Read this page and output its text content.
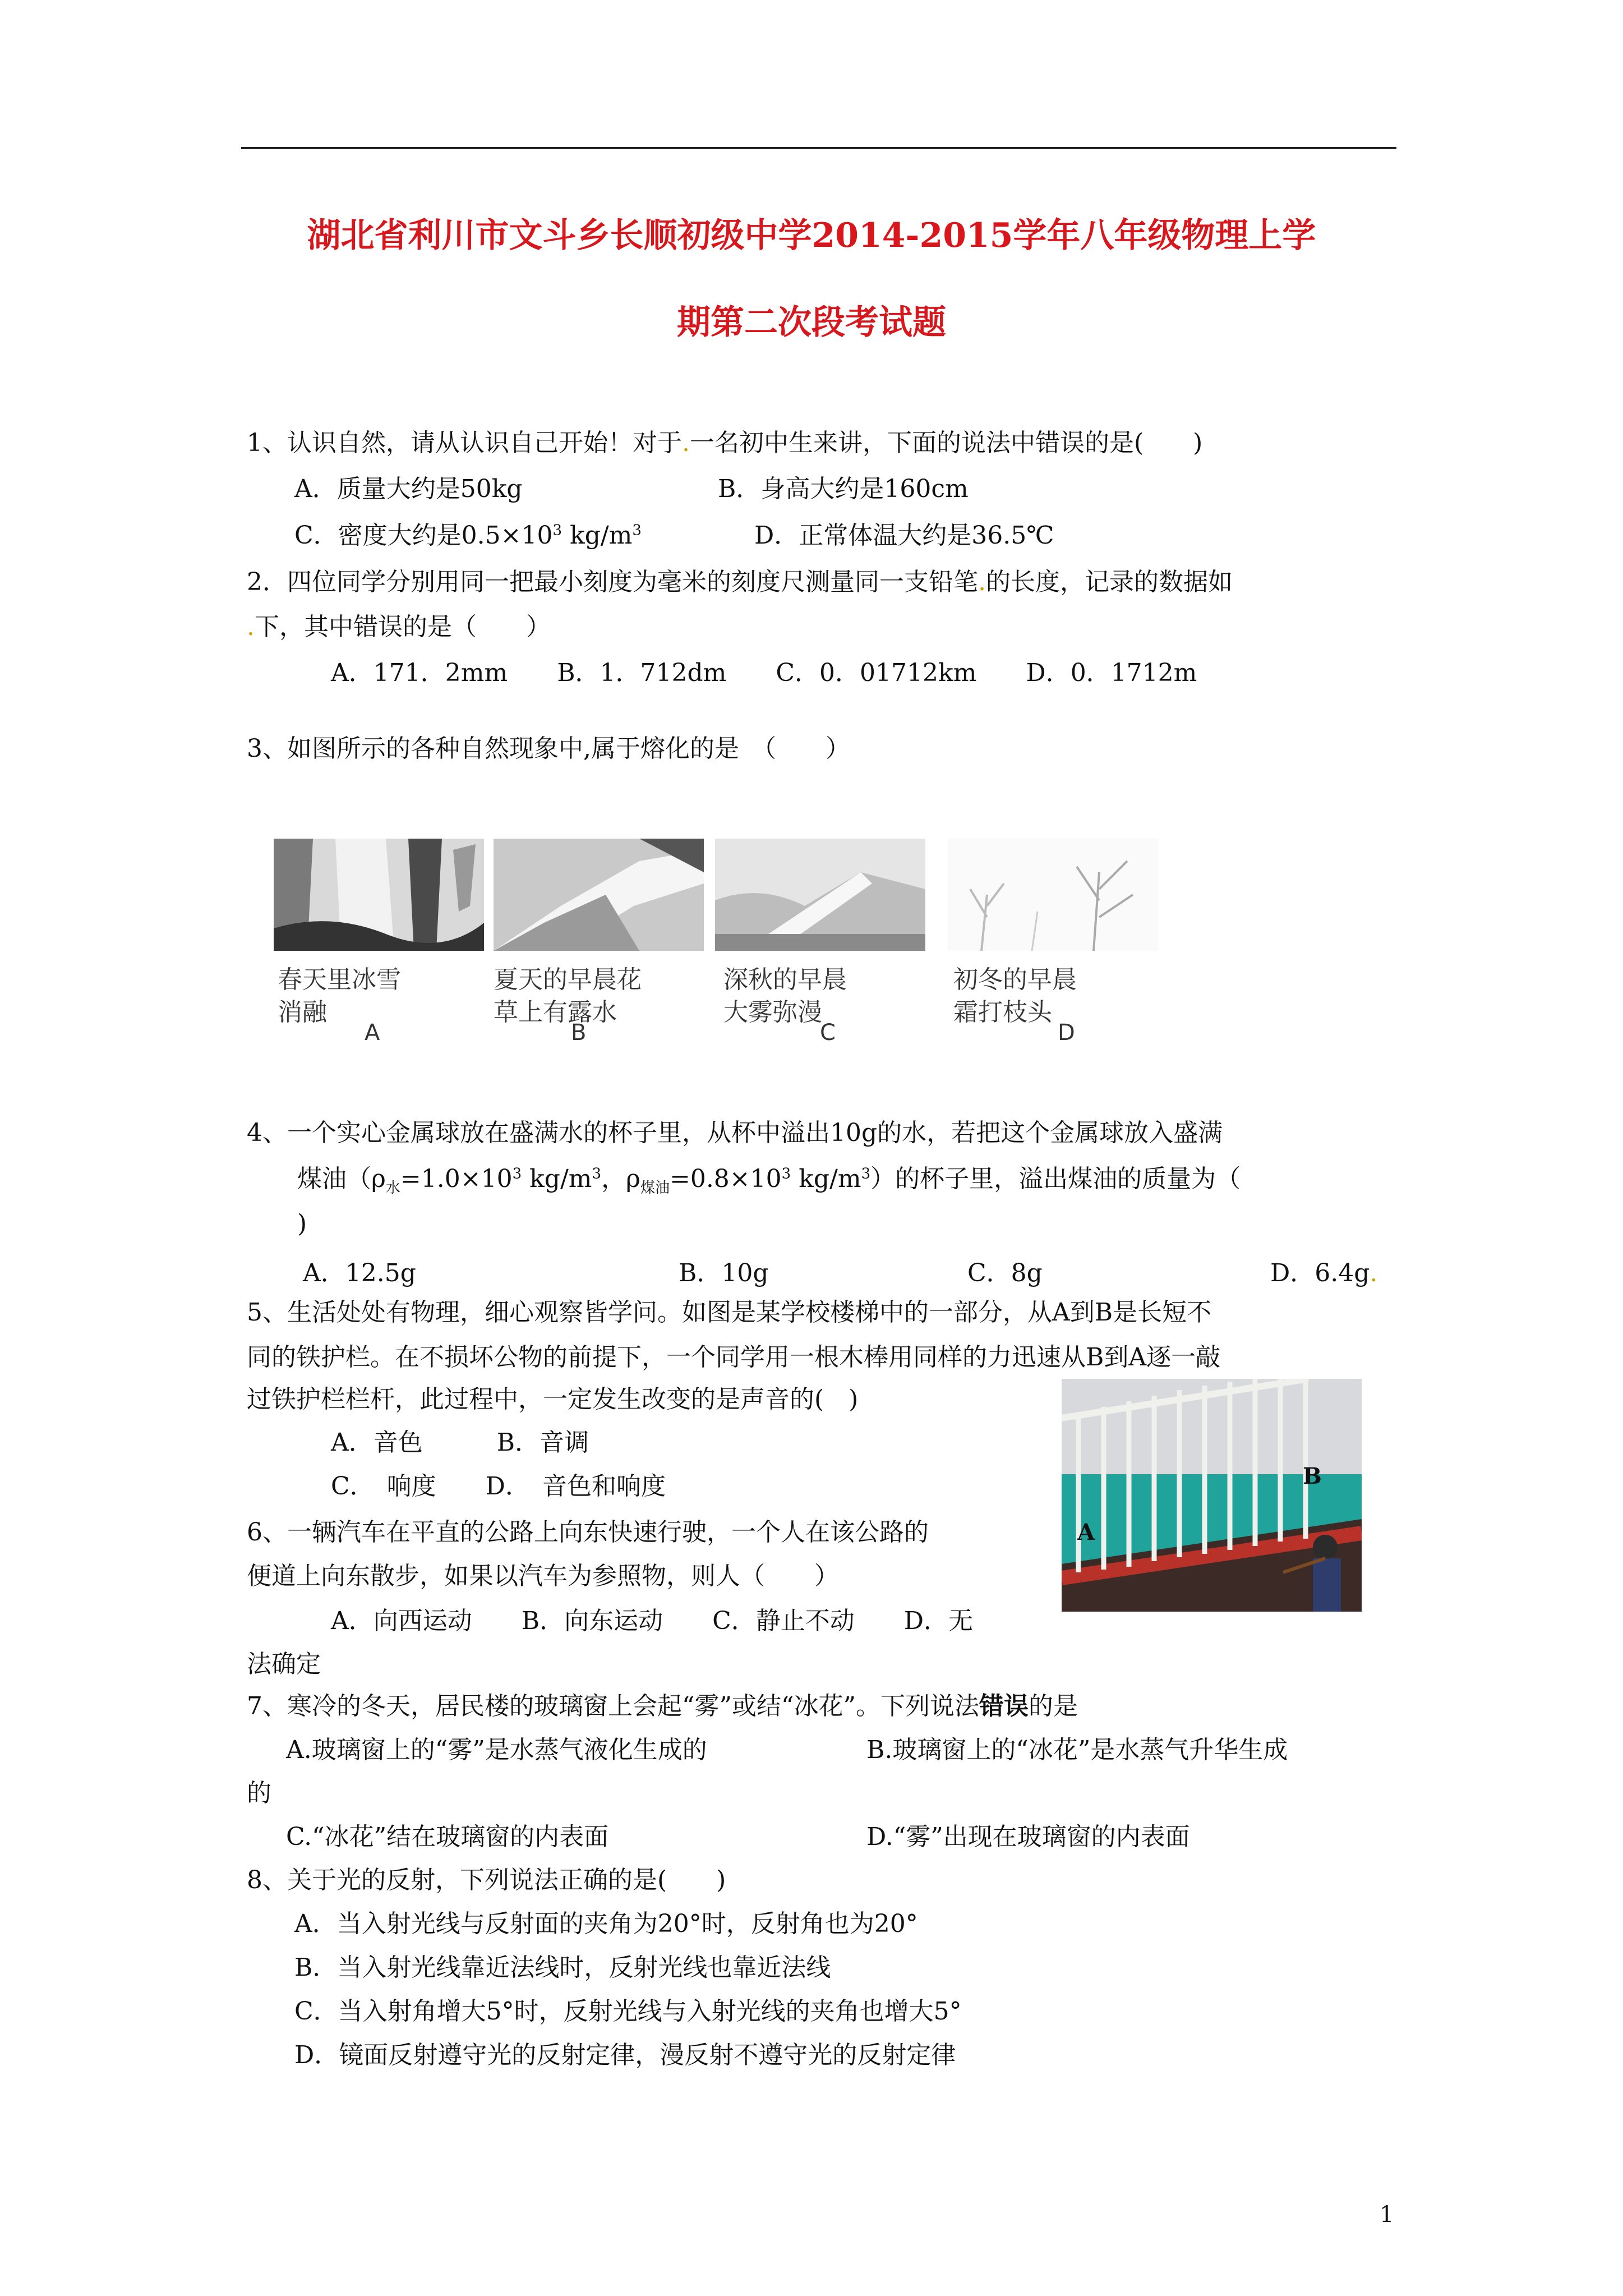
湖北省利川市文斗乡长顺初级中学2014-2015学年八年级物理上学
期第二次段考试题
1、认识自然，请从认识自己开始！对于.一名初中生来讲，下面的说法中错误的是(　　)
A．质量大约是50kg	B．身高大约是160cm
C．密度大约是$0.5\times 10^3$ $kg/m^3$	D．正常体温大约是36.5℃
2．四位同学分别用同一把最小刻度为毫米的刻度尺测量同一支铅笔.的长度，记录的数据如
.下，其中错误的是（　　）
A．171．2mm　　B．1．712dm　　C．0．01712km　　D．0．1712m
3、如图所示的各种自然现象中,属于熔化的是　（　　）
春天里冰雪
消融
夏天的早晨花
草上有露水
深秋的早晨
大雾弥漫
初冬的早晨
霜打枝头
A	B	C	D
4、一个实心金属球放在盛满水的杯子里，从杯中溢出10g的水，若把这个金属球放入盛满
煤油（$\rho_水=1.0\times 10^3$ $kg/m^3$，$\rho_{煤油}=0.8\times 10^3$ $kg/m^3$）的杯子里，溢出煤油的质量为（
)
A．12.5g	B．10g	C．8g	D．6.4g.
5、生活处处有物理，细心观察皆学问。如图是某学校楼梯中的一部分，从A到B是长短不
同的铁护栏。在不损坏公物的前提下，一个同学用一根木棒用同样的力迅速从B到A逐一敲
过铁护栏栏杆，此过程中，一定发生改变的是声音的(　)
A．音色　　　B．音调
C．　响度　　D．　音色和响度	B
A
6、一辆汽车在平直的公路上向东快速行驶，一个人在该公路的
便道上向东散步，如果以汽车为参照物，则人（　　）
A．向西运动　　B．向东运动　　C．静止不动　　D．无
法确定
7、寒冷的冬天，居民楼的玻璃窗上会起“雾”或结“冰花”。下列说法错误的是
A.玻璃窗上的“雾”是水蒸气液化生成的	B.玻璃窗上的“冰花”是水蒸气升华生成
的
C.“冰花”结在玻璃窗的内表面	D.“雾”出现在玻璃窗的内表面
8、关于光的反射，下列说法正确的是(　　)
A．当入射光线与反射面的夹角为20°时，反射角也为20°
B．当入射光线靠近法线时，反射光线也靠近法线
C．当入射角增大5°时，反射光线与入射光线的夹角也增大5°
D．镜面反射遵守光的反射定律，漫反射不遵守光的反射定律
1
